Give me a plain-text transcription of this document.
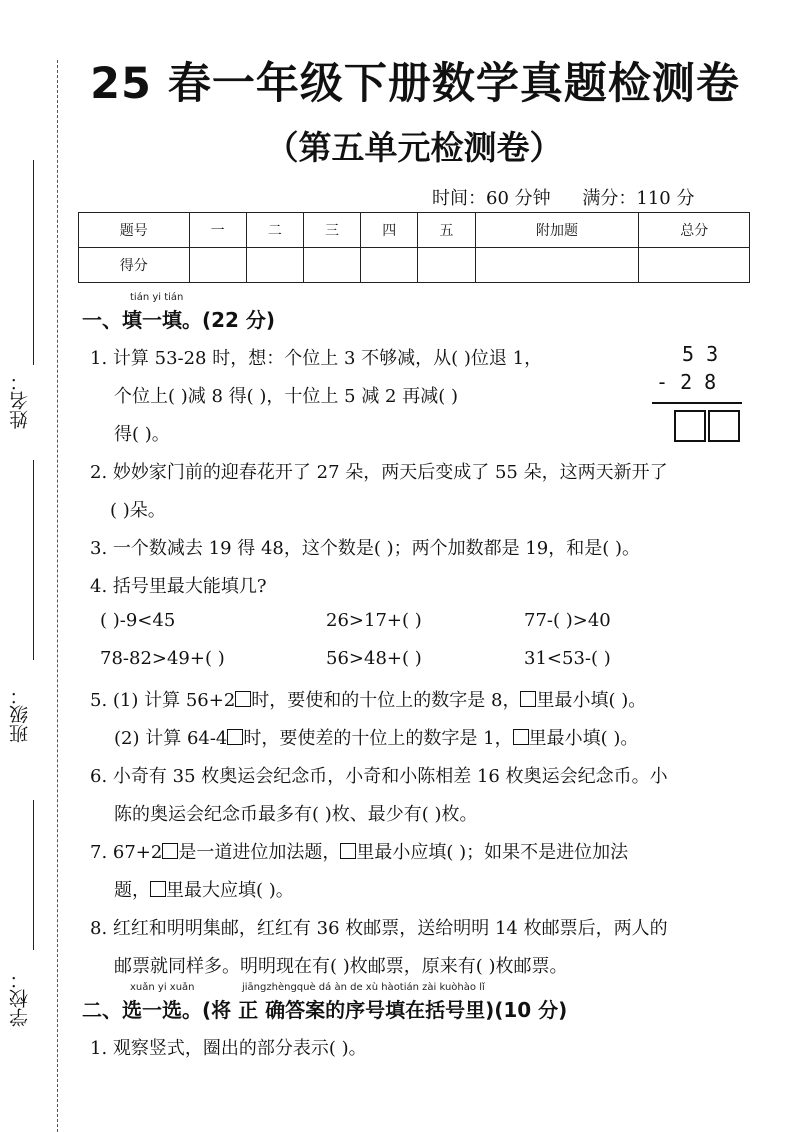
姓名：
班级：
学校：
25 春一年级下册数学真题检测卷
（第五单元检测卷）
时间：60 分钟 满分：110 分
题号	一	二	三	四	五	附加题	总分
得分							
tián yi tián
一、填一填。(22 分)
1. 计算 53-28 时，想：个位上 3 不够减，从( )位退 1，
个位上( )减 8 得( )，十位上 5 减 2 再减( )
得( )。
5 3
- 2 8
2. 妙妙家门前的迎春花开了 27 朵，两天后变成了 55 朵，这两天新开了
( )朵。
3. 一个数减去 19 得 48，这个数是( )；两个加数都是 19，和是( )。
4. 括号里最大能填几?
( )-9<45	26>17+( )	77-( )>40
78-82>49+( )	56>48+( )	31<53-( )
5. (1) 计算 56+2 时，要使和的十位上的数字是 8， 里最小填( )。
(2) 计算 64-4 时，要使差的十位上的数字是 1， 里最小填( )。
6. 小奇有 35 枚奥运会纪念币，小奇和小陈相差 16 枚奥运会纪念币。小
陈的奥运会纪念币最多有( )枚、最少有( )枚。
7. 67+2 是一道进位加法题， 里最小应填( )；如果不是进位加法
题， 里最大应填( )。
8. 红红和明明集邮，红红有 36 枚邮票，送给明明 14 枚邮票后，两人的
邮票就同样多。明明现在有( )枚邮票，原来有( )枚邮票。
xuǎn yi xuǎn	jiāngzhèngquè dá àn de xù hàotián zài kuòhào lǐ
二、选一选。(将 正 确答案的序号填在括号里)(10 分)
1. 观察竖式，圈出的部分表示( )。
